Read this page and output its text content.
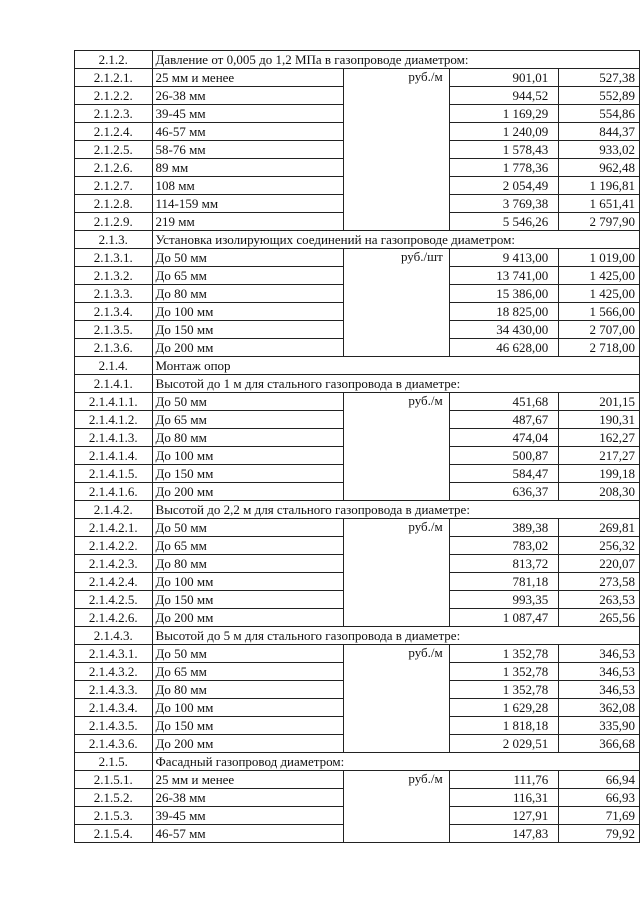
2.1.2.	Давление от 0,005 до 1,2 МПа в газопроводе диаметром:			
2.1.2.1.	25 мм и менее	руб./м	901,01	527,38
2.1.2.2.	26-38 мм		944,52	552,89
2.1.2.3.	39-45 мм		1 169,29	554,86
2.1.2.4.	46-57 мм		1 240,09	844,37
2.1.2.5.	58-76 мм		1 578,43	933,02
2.1.2.6.	89 мм		1 778,36	962,48
2.1.2.7.	108 мм		2 054,49	1 196,81
2.1.2.8.	114-159 мм		3 769,38	1 651,41
2.1.2.9.	219 мм		5 546,26	2 797,90
2.1.3.	Установка изолирующих соединений на газопроводе диаметром:			
2.1.3.1.	До 50 мм	руб./шт	9 413,00	1 019,00
2.1.3.2.	До 65 мм		13 741,00	1 425,00
2.1.3.3.	До 80 мм		15 386,00	1 425,00
2.1.3.4.	До 100 мм		18 825,00	1 566,00
2.1.3.5.	До 150 мм		34 430,00	2 707,00
2.1.3.6.	До 200 мм		46 628,00	2 718,00
2.1.4.	Монтаж опор			
2.1.4.1.	Высотой до 1 м для стального газопровода в диаметре:			
2.1.4.1.1.	До 50 мм	руб./м	451,68	201,15
2.1.4.1.2.	До 65 мм		487,67	190,31
2.1.4.1.3.	До 80 мм		474,04	162,27
2.1.4.1.4.	До 100 мм		500,87	217,27
2.1.4.1.5.	До 150 мм		584,47	199,18
2.1.4.1.6.	До 200 мм		636,37	208,30
2.1.4.2.	Высотой до 2,2 м для стального газопровода в диаметре:			
2.1.4.2.1.	До 50 мм	руб./м	389,38	269,81
2.1.4.2.2.	До 65 мм		783,02	256,32
2.1.4.2.3.	До 80 мм		813,72	220,07
2.1.4.2.4.	До 100 мм		781,18	273,58
2.1.4.2.5.	До 150 мм		993,35	263,53
2.1.4.2.6.	До 200 мм		1 087,47	265,56
2.1.4.3.	Высотой до 5 м для стального газопровода в диаметре:			
2.1.4.3.1.	До 50 мм	руб./м	1 352,78	346,53
2.1.4.3.2.	До 65 мм		1 352,78	346,53
2.1.4.3.3.	До 80 мм		1 352,78	346,53
2.1.4.3.4.	До 100 мм		1 629,28	362,08
2.1.4.3.5.	До 150 мм		1 818,18	335,90
2.1.4.3.6.	До 200 мм		2 029,51	366,68
2.1.5.	Фасадный газопровод диаметром:			
2.1.5.1.	25 мм и менее	руб./м	111,76	66,94
2.1.5.2.	26-38 мм		116,31	66,93
2.1.5.3.	39-45 мм		127,91	71,69
2.1.5.4.	46-57 мм		147,83	79,92
